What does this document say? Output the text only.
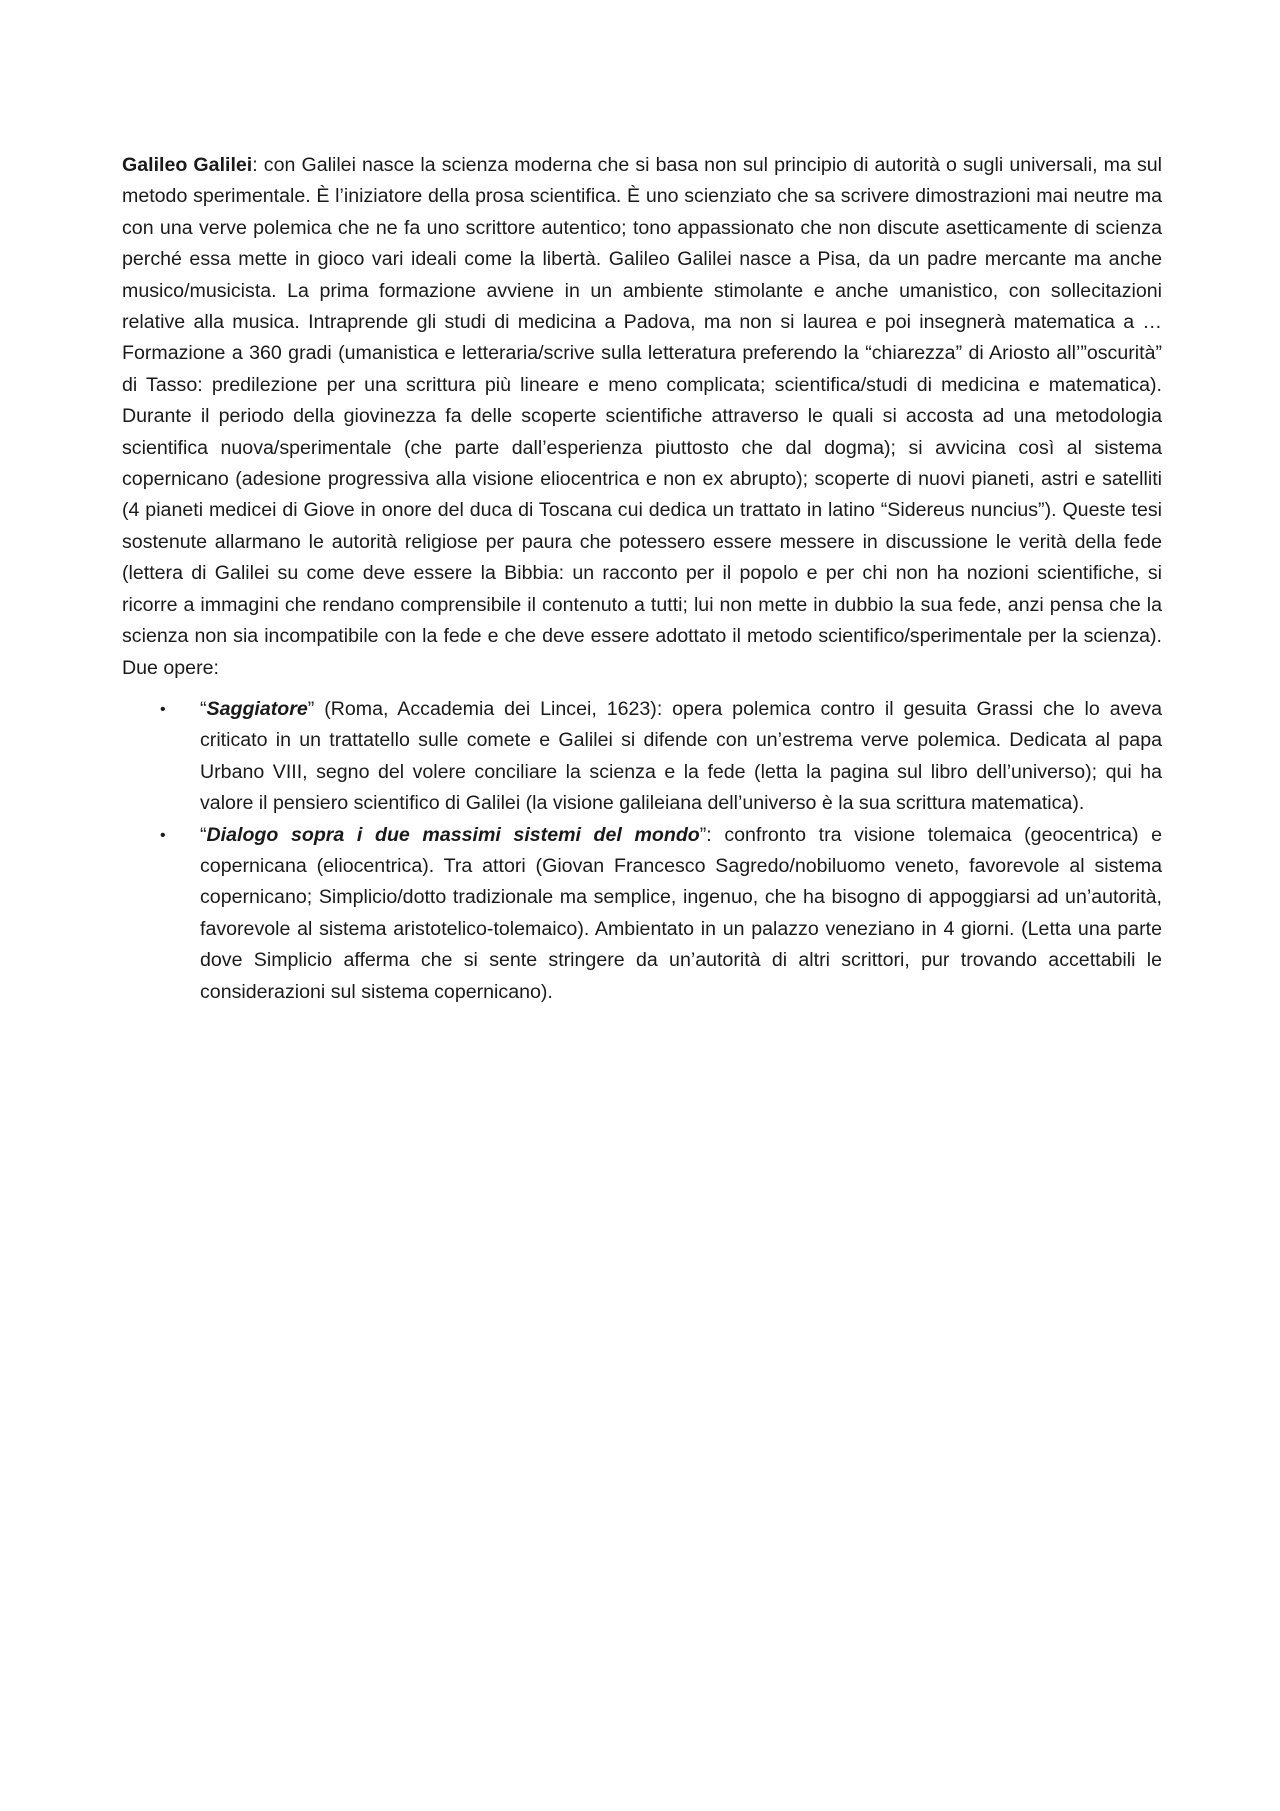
Galileo Galilei: con Galilei nasce la scienza moderna che si basa non sul principio di autorità o sugli universali, ma sul metodo sperimentale. È l’iniziatore della prosa scientifica. È uno scienziato che sa scrivere dimostrazioni mai neutre ma con una verve polemica che ne fa uno scrittore autentico; tono appassionato che non discute asetticamente di scienza perché essa mette in gioco vari ideali come la libertà. Galileo Galilei nasce a Pisa, da un padre mercante ma anche musico/musicista. La prima formazione avviene in un ambiente stimolante e anche umanistico, con sollecitazioni relative alla musica. Intraprende gli studi di medicina a Padova, ma non si laurea e poi insegnerà matematica a … Formazione a 360 gradi (umanistica e letteraria/scrive sulla letteratura preferendo la “chiarezza” di Ariosto all’”oscurità” di Tasso: predilezione per una scrittura più lineare e meno complicata; scientifica/studi di medicina e matematica). Durante il periodo della giovinezza fa delle scoperte scientifiche attraverso le quali si accosta ad una metodologia scientifica nuova/sperimentale (che parte dall’esperienza piuttosto che dal dogma); si avvicina così al sistema copernicano (adesione progressiva alla visione eliocentrica e non ex abrupto); scoperte di nuovi pianeti, astri e satelliti (4 pianeti medicei di Giove in onore del duca di Toscana cui dedica un trattato in latino “Sidereus nuncius”). Queste tesi sostenute allarmano le autorità religiose per paura che potessero essere messere in discussione le verità della fede (lettera di Galilei su come deve essere la Bibbia: un racconto per il popolo e per chi non ha nozioni scientifiche, si ricorre a immagini che rendano comprensibile il contenuto a tutti; lui non mette in dubbio la sua fede, anzi pensa che la scienza non sia incompatibile con la fede e che deve essere adottato il metodo scientifico/sperimentale per la scienza). Due opere:

• “Saggiatore” (Roma, Accademia dei Lincei, 1623): opera polemica contro il gesuita Grassi che lo aveva criticato in un trattatello sulle comete e Galilei si difende con un’estrema verve polemica. Dedicata al papa Urbano VIII, segno del volere conciliare la scienza e la fede (letta la pagina sul libro dell’universo); qui ha valore il pensiero scientifico di Galilei (la visione galileiana dell’universo è la sua scrittura matematica).
• “Dialogo sopra i due massimi sistemi del mondo”: confronto tra visione tolemaica (geocentrica) e copernicana (eliocentrica). Tra attori (Giovan Francesco Sagredo/nobiluomo veneto, favorevole al sistema copernicano; Simplicio/dotto tradizionale ma semplice, ingenuo, che ha bisogno di appoggiarsi ad un’autorità, favorevole al sistema aristotelico-tolemaico). Ambientato in un palazzo veneziano in 4 giorni. (Letta una parte dove Simplicio afferma che si sente stringere da un’autorità di altri scrittori, pur trovando accettabili le considerazioni sul sistema copernicano).
